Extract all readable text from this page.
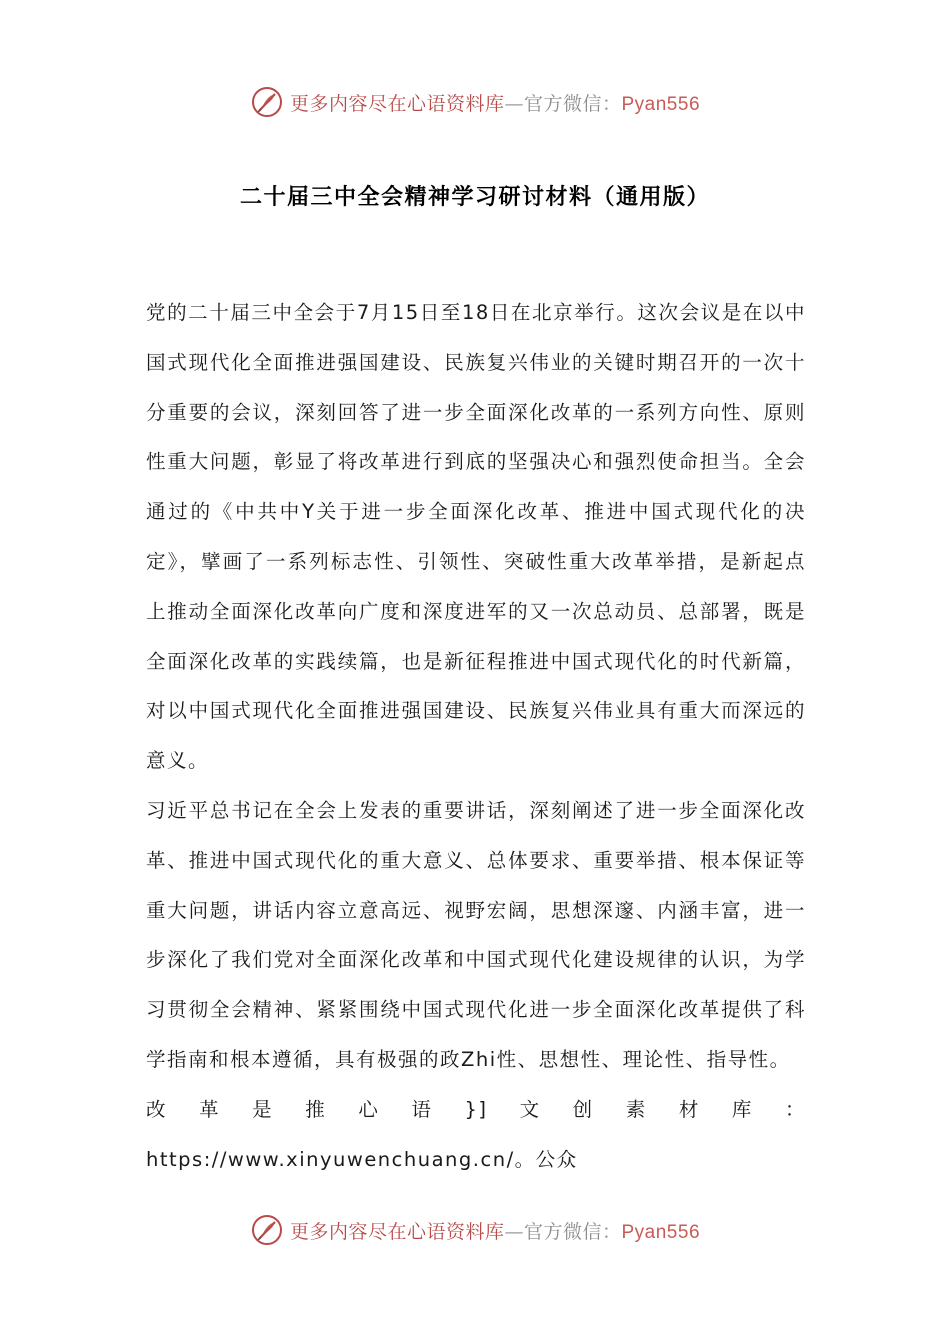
更多内容尽在心语资料库—官方微信：Pyan556
二十届三中全会精神学习研讨材料（通用版）

党的二十届三中全会于7月15日至18日在北京举行。这次会议是在以中国式现代化全面推进强国建设、民族复兴伟业的关键时期召开的一次十分重要的会议，深刻回答了进一步全面深化改革的一系列方向性、原则性重大问题，彰显了将改革进行到底的坚强决心和强烈使命担当。全会通过的《中共中Y关于进一步全面深化改革、推进中国式现代化的决定》，擘画了一系列标志性、引领性、突破性重大改革举措，是新起点上推动全面深化改革向广度和深度进军的又一次总动员、总部署，既是全面深化改革的实践续篇，也是新征程推进中国式现代化的时代新篇，对以中国式现代化全面推进强国建设、民族复兴伟业具有重大而深远的意义。

习近平总书记在全会上发表的重要讲话，深刻阐述了进一步全面深化改革、推进中国式现代化的重大意义、总体要求、重要举措、根本保证等重大问题，讲话内容立意高远、视野宏阔，思想深邃、内涵丰富，进一步深化了我们党对全面深化改革和中国式现代化建设规律的认识，为学习贯彻全会精神、紧紧围绕中国式现代化进一步全面深化改革提供了科学指南和根本遵循，具有极强的政Zhi性、思想性、理论性、指导性。

改革是推心语}]文创素材库：https://www.xinyuwenchuang.cn/。公众

更多内容尽在心语资料库—官方微信：Pyan556
